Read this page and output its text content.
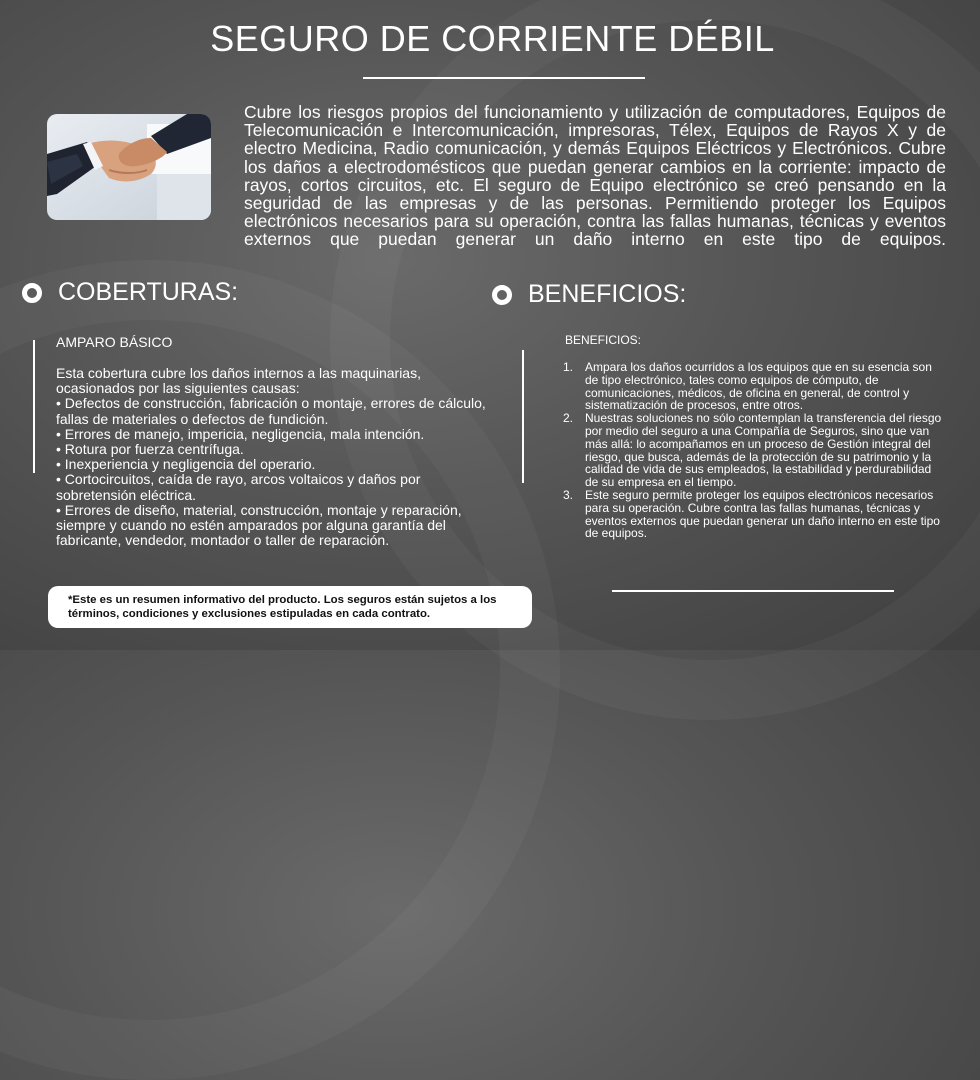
SEGURO DE CORRIENTE DÉBIL
Cubre los riesgos propios del funcionamiento y utilización de computadores, Equipos de Telecomunicación e Intercomunicación, impresoras, Télex, Equipos de Rayos X y de electro Medicina, Radio comunicación, y demás Equipos Eléctricos y Electrónicos. Cubre los daños a electrodomésticos que puedan generar cambios en la corriente: impacto de rayos, cortos circuitos, etc. El seguro de Equipo electrónico se creó pensando en la seguridad de las empresas y de las personas. Permitiendo proteger los Equipos electrónicos necesarios para su operación, contra las fallas humanas, técnicas y eventos externos que puedan generar un daño interno en este tipo de equipos.
COBERTURAS:
AMPARO BÁSICO
Esta cobertura cubre los daños internos a las maquinarias, ocasionados por las siguientes causas:
• Defectos de construcción, fabricación o montaje, errores de cálculo, fallas de materiales o defectos de fundición.
• Errores de manejo, impericia, negligencia, mala intención.
• Rotura por fuerza centrífuga.
• Inexperiencia y negligencia del operario.
• Cortocircuitos, caída de rayo, arcos voltaicos y daños por sobretensión eléctrica.
• Errores de diseño, material, construcción, montaje y reparación, siempre y cuando no estén amparados por alguna garantía del fabricante, vendedor, montador o taller de reparación.
BENEFICIOS:
BENEFICIOS:
1. Ampara los daños ocurridos a los equipos que en su esencia son de tipo electrónico, tales como equipos de cómputo, de comunicaciones, médicos, de oficina en general, de control y sistematización de procesos, entre otros.
2. Nuestras soluciones no sólo contemplan la transferencia del riesgo por medio del seguro a una Compañía de Seguros, sino que van más allá: lo acompañamos en un proceso de Gestión integral del riesgo, que busca, además de la protección de su patrimonio y la calidad de vida de sus empleados, la estabilidad y perdurabilidad de su empresa en el tiempo.
3. Este seguro permite proteger los equipos electrónicos necesarios para su operación. Cubre contra las fallas humanas, técnicas y eventos externos que puedan generar un daño interno en este tipo de equipos.
*Este es un resumen informativo del producto. Los seguros están sujetos a los términos, condiciones y exclusiones estipuladas en cada contrato.
